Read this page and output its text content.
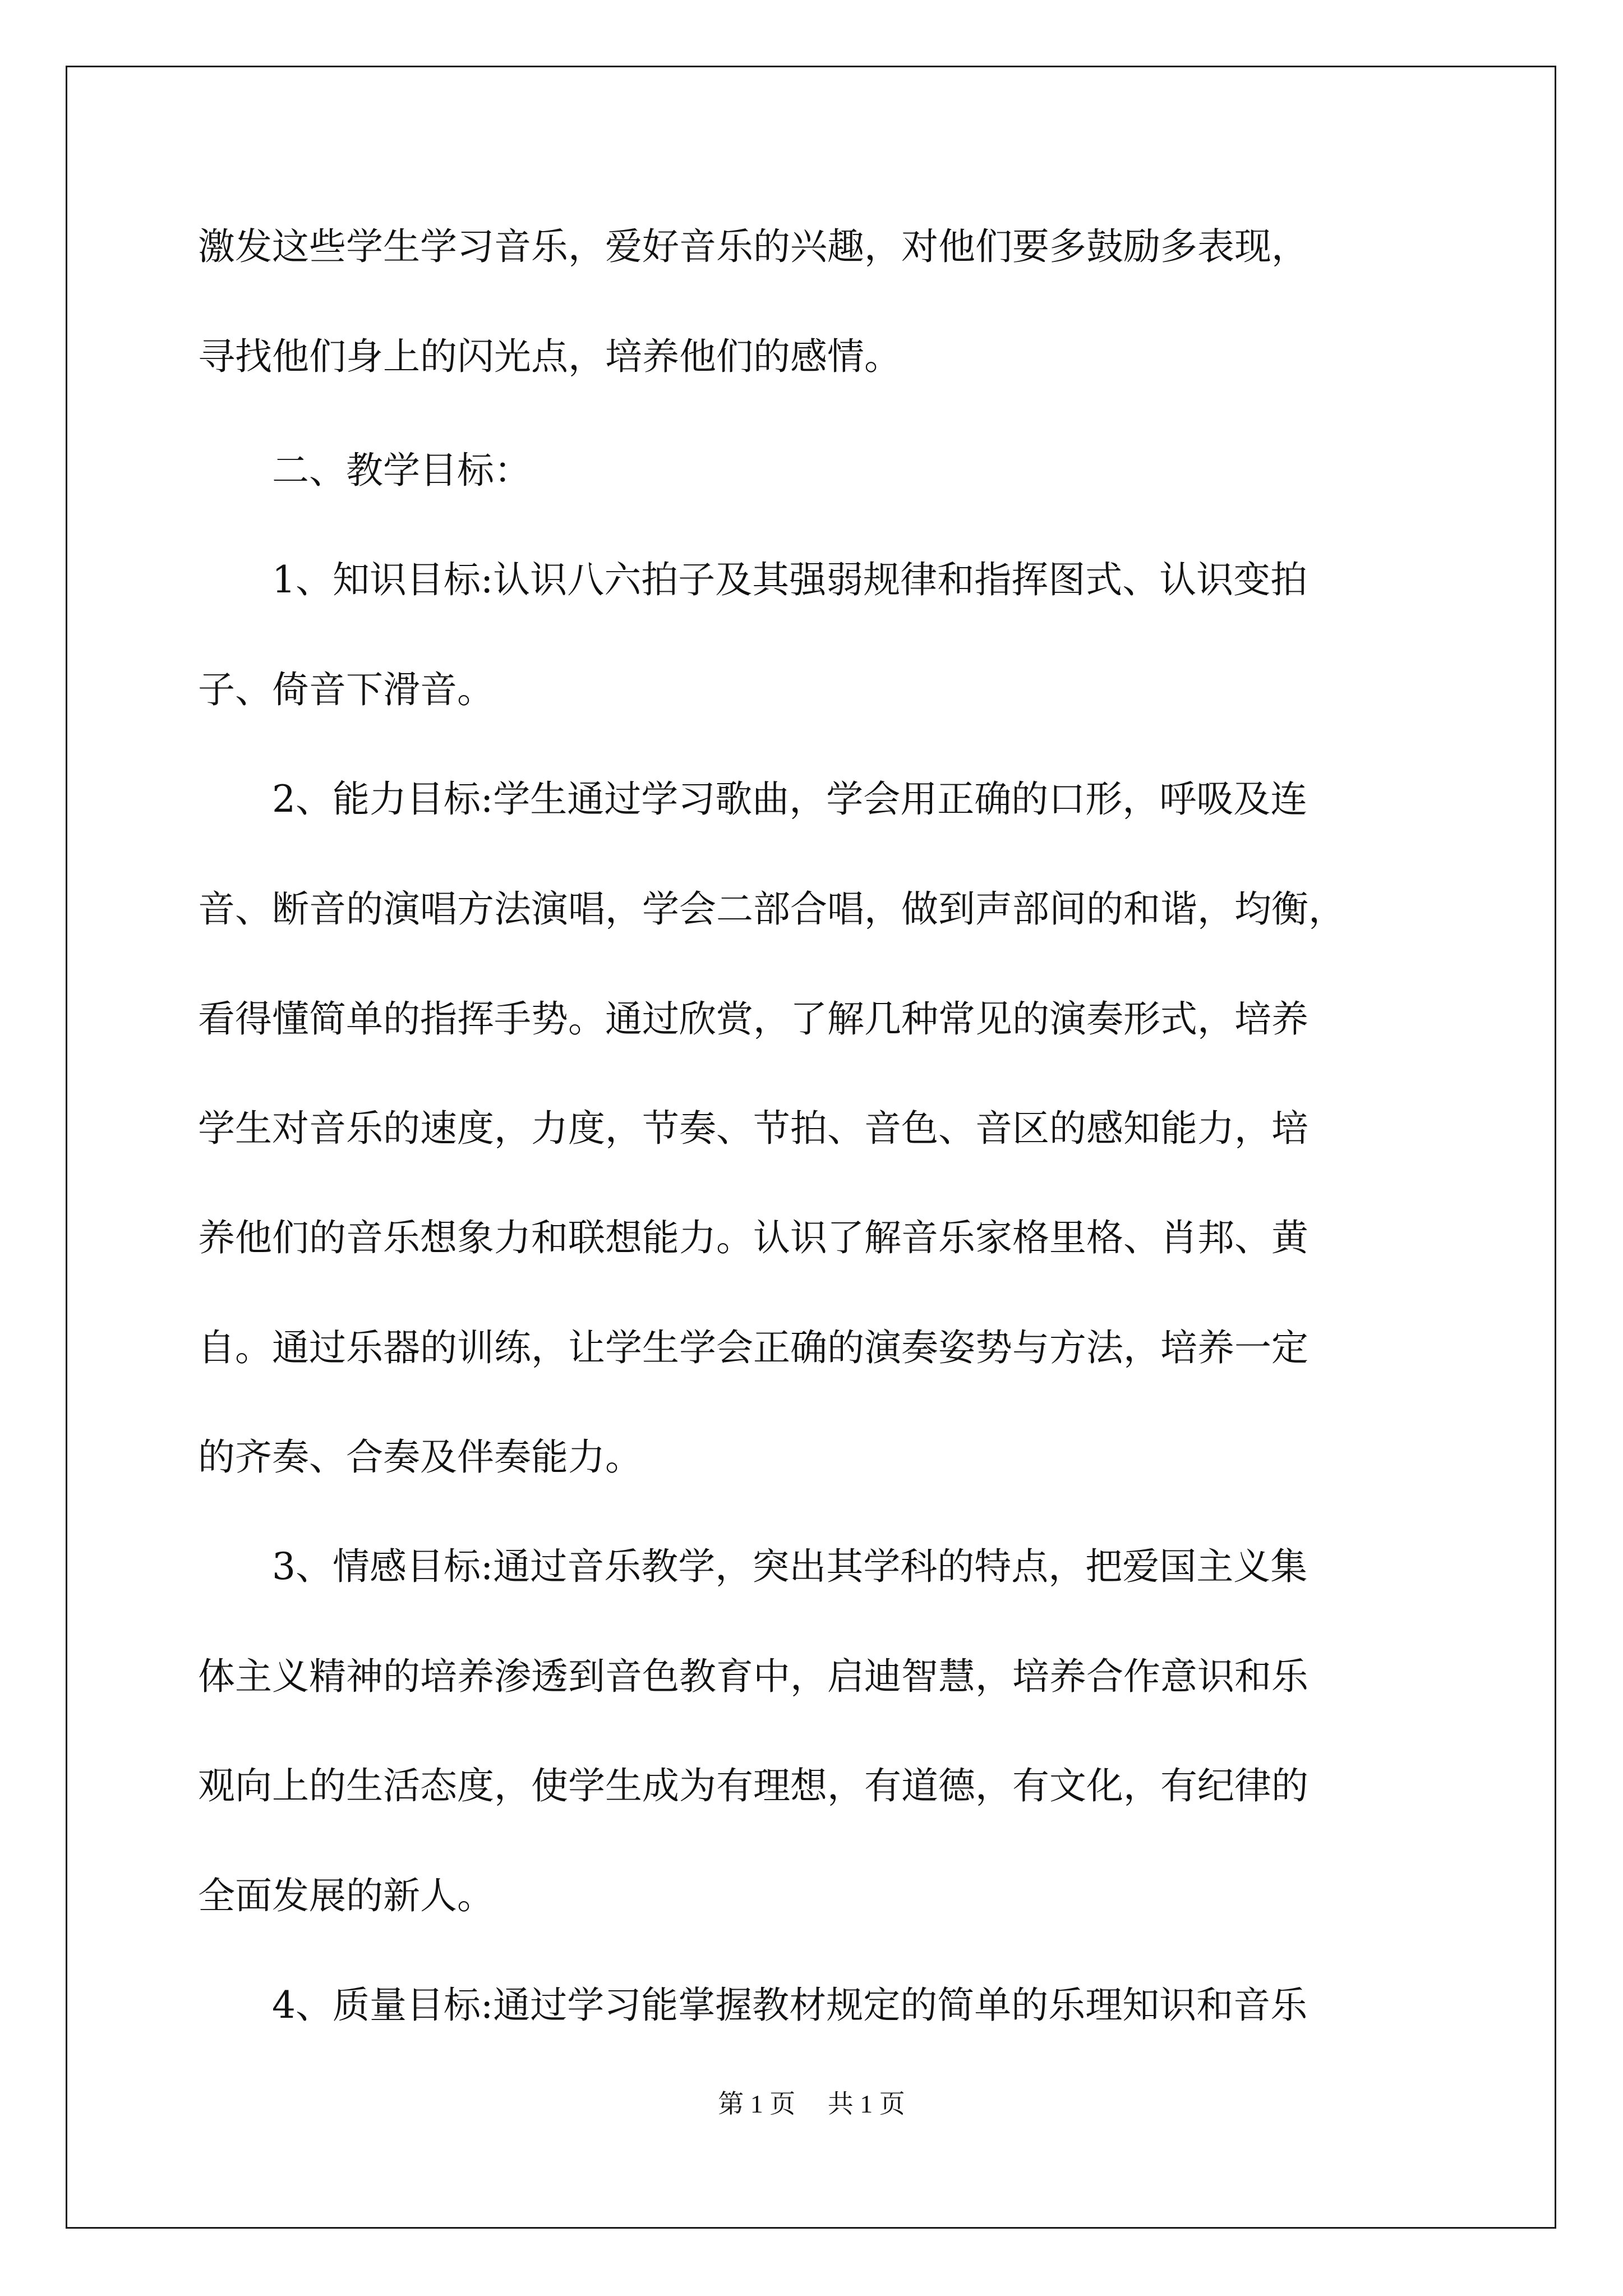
激发这些学生学习音乐，爱好音乐的兴趣，对他们要多鼓励多表现，

寻找他们身上的闪光点，培养他们的感情。

　　二、教学目标：

　　1、知识目标:认识八六拍子及其强弱规律和指挥图式、认识变拍

子、倚音下滑音。

　　2、能力目标:学生通过学习歌曲，学会用正确的口形，呼吸及连

音、断音的演唱方法演唱，学会二部合唱，做到声部间的和谐，均衡，

看得懂简单的指挥手势。通过欣赏，了解几种常见的演奏形式，培养

学生对音乐的速度，力度，节奏、节拍、音色、音区的感知能力，培

养他们的音乐想象力和联想能力。认识了解音乐家格里格、肖邦、黄

自。通过乐器的训练，让学生学会正确的演奏姿势与方法，培养一定

的齐奏、合奏及伴奏能力。

　　3、情感目标:通过音乐教学，突出其学科的特点，把爱国主义集

体主义精神的培养渗透到音色教育中，启迪智慧，培养合作意识和乐

观向上的生活态度，使学生成为有理想，有道德，有文化，有纪律的

全面发展的新人。

　　4、质量目标:通过学习能掌握教材规定的简单的乐理知识和音乐

第 1 页　 共 1 页
